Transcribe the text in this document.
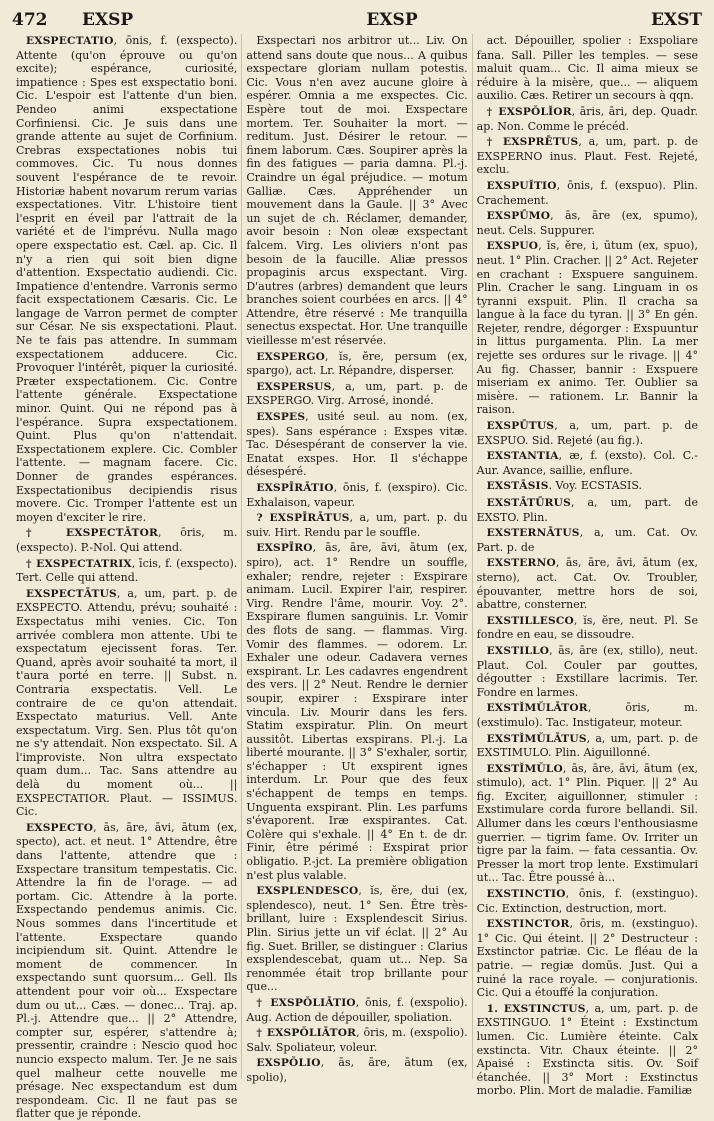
472	EXSP	EXSP	EXST

EXSPECTATIO, ōnis, f. (exspecto). Attente (qu'on éprouve ou qu'on excite); espérance, curiosité, impatience : Spes est exspectatio boni. Cic. L'espoir est l'attente d'un bien. Pendeo animi exspectatione Corfiniensi. Cic. Je suis dans une grande attente au sujet de Corfinium. Crebras exspectationes nobis tui commoves. Cic. Tu nous donnes souvent l'espérance de te revoir. Historiæ habent novarum rerum varias exspectationes. Vitr. L'histoire tient l'esprit en éveil par l'attrait de la variété et de l'imprévu. Nulla mago opere exspectatio est. Cæl. ap. Cic. Il n'y a rien qui soit bien digne d'attention. Exspectatio audiendi. Cic. Impatience d'entendre. Varronis sermo facit exspectationem Cæsaris. Cic. Le langage de Varron permet de compter sur César. Ne sis exspectationi. Plaut. Ne te fais pas attendre. In summam exspectationem adducere. Cic. Provoquer l'intérêt, piquer la curiosité. Præter exspectationem. Cic. Contre l'attente générale. Exspectatione minor. Quint. Qui ne répond pas à l'espérance. Supra exspectationem. Quint. Plus qu'on n'attendait. Exspectationem explere. Cic. Combler l'attente. — magnam facere. Cic. Donner de grandes espérances. Exspectationibus decipiendis risus movere. Cic. Tromper l'attente est un moyen d'exciter le rire.

† EXSPECTĀTOR, ōris, m. (exspecto). P.-Nol. Qui attend.

† EXSPECTATRIX, īcis, f. (exspecto). Tert. Celle qui attend.

EXSPECTĀTUS, a, um, part. p. de EXSPECTO. Attendu, prévu; souhaité : Exspectatus mihi venies. Cic. Ton arrivée comblera mon attente. Ubi te exspectatum ejecissent foras. Ter. Quand, après avoir souhaité ta mort, il t'aura porté en terre. || Subst. n. Contraria exspectatis. Vell. Le contraire de ce qu'on attendait. Exspectato maturius. Vell. Ante exspectatum. Virg. Sen. Plus tôt qu'on ne s'y attendait. Non exspectato. Sil. A l'improviste. Non ultra exspectato quam dum... Tac. Sans attendre au delà du moment où... || EXSPECTATIOR. Plaut. — ISSIMUS. Cic.

EXSPECTO, ās, āre, āvi, ātum (ex, specto), act. et neut. 1° Attendre, être dans l'attente, attendre que : Exspectare transitum tempestatis. Cic. Attendre la fin de l'orage. — ad portam. Cic. Attendre à la porte. Exspectando pendemus animis. Cic. Nous sommes dans l'incertitude et l'attente. Exspectare quando incipiendum sit. Quint. Attendre le moment de commencer. In exspectando sunt quorsum... Gell. Ils attendent pour voir où... Exspectare dum ou ut... Cæs. — donec... Traj. ap. Pl.-j. Attendre que... || 2° Attendre, compter sur, espérer, s'attendre à; pressentir, craindre : Nescio quod hoc nuncio exspecto malum. Ter. Je ne sais quel malheur cette nouvelle me présage. Nec exspectandum est dum respondeam. Cic. Il ne faut pas se flatter que je réponde.

Exspectari nos arbitror ut... Liv. On attend sans doute que nous... A quibus exspectare gloriam nullam potestis. Cic. Vous n'en avez aucune gloire à espérer. Omnia a me exspectes. Cic. Espère tout de moi. Exspectare mortem. Ter. Souhaiter la mort. — reditum. Just. Désirer le retour. — finem laborum. Cæs. Soupirer après la fin des fatigues — paria damna. Pl.-j. Craindre un égal préjudice. — motum Galliæ. Cæs. Appréhender un mouvement dans la Gaule. || 3° Avec un sujet de ch. Réclamer, demander, avoir besoin : Non oleæ exspectant falcem. Virg. Les oliviers n'ont pas besoin de la faucille. Aliæ pressos propaginis arcus exspectant. Virg. D'autres (arbres) demandent que leurs branches soient courbées en arcs. || 4° Attendre, être réservé : Me tranquilla senectus exspectat. Hor. Une tranquille vieillesse m'est réservée.

EXSPERGO, ĭs, ĕre, persum (ex, spargo), act. Lr. Répandre, disperser.

EXSPERSUS, a, um, part. p. de EXSPERGO. Virg. Arrosé, inondé.

EXSPES, usité seul. au nom. (ex, spes). Sans espérance : Exspes vitæ. Tac. Désespérant de conserver la vie. Enatat exspes. Hor. Il s'échappe désespéré.

EXSPĪRĀTIO, ōnis, f. (exspiro). Cic. Exhalaison, vapeur.

? EXSPĪRĀTUS, a, um, part. p. du suiv. Hirt. Rendu par le souffle.

EXSPĪRO, ās, āre, āvi, ātum (ex, spiro), act. 1° Rendre un souffle, exhaler; rendre, rejeter : Exspirare animam. Lucil. Expirer l'air, respirer. Virg. Rendre l'âme, mourir. Voy. 2°. Exspirare flumen sanguinis. Lr. Vomir des flots de sang. — flammas. Virg. Vomir des flammes. — odorem. Lr. Exhaler une odeur. Cadavera vernes exspirant. Lr. Les cadavres engendrent des vers. || 2° Neut. Rendre le dernier soupir, expirer : Exspirare inter vincula. Liv. Mourir dans les fers. Statim exspiratur. Plin. On meurt aussitôt. Libertas exspirans. Pl.-j. La liberté mourante. || 3° S'exhaler, sortir, s'échapper : Ut exspirent ignes interdum. Lr. Pour que des feux s'échappent de temps en temps. Unguenta exspirant. Plin. Les parfums s'évaporent. Iræ exspirantes. Cat. Colère qui s'exhale. || 4° En t. de dr. Finir, être périmé : Exspirat prior obligatio. P.-jct. La première obligation n'est plus valable.

EXSPLENDESCO, ĭs, ĕre, dui (ex, splendesco), neut. 1° Sen. Être très-brillant, luire : Exsplendescit Sirius. Plin. Sirius jette un vif éclat. || 2° Au fig. Suet. Briller, se distinguer : Clarius exsplendescebat, quam ut... Nep. Sa renommée était trop brillante pour que...

† EXSPŎLIĀTIO, ōnis, f. (exspolio). Aug. Action de dépouiller, spoliation.

† EXSPŎLIĀTOR, ōris, m. (exspolio). Salv. Spoliateur, voleur.

EXSPŎLIO, ās, āre, ātum (ex, spolio),

act. Dépouiller, spolier : Exspoliare fana. Sall. Piller les temples. — sese maluit quam... Cic. Il aima mieux se réduire à la misère, que... — aliquem auxilio. Cæs. Retirer un secours à qqn.

† EXSPŎLĬOR, āris, āri, dep. Quadr. ap. Non. Comme le précéd.

† EXSPRĒTUS, a, um, part. p. de EXSPERNO inus. Plaut. Fest. Rejeté, exclu.

EXSPUĬTIO, ōnis, f. (exspuo). Plin. Crachement.

EXSPŪMO, ās, āre (ex, spumo), neut. Cels. Suppurer.

EXSPUO, ĭs, ĕre, i, ūtum (ex, spuo), neut. 1° Plin. Cracher. || 2° Act. Rejeter en crachant : Exspuere sanguinem. Plin. Cracher le sang. Linguam in os tyranni exspuit. Plin. Il cracha sa langue à la face du tyran. || 3° En gén. Rejeter, rendre, dégorger : Exspuuntur in littus purgamenta. Plin. La mer rejette ses ordures sur le rivage. || 4° Au fig. Chasser, bannir : Exspuere miseriam ex animo. Ter. Oublier sa misère. — rationem. Lr. Bannir la raison.

EXSPŪTUS, a, um, part. p. de EXSPUO. Sid. Rejeté (au fig.).

EXSTANTIA, æ, f. (exsto). Col. C.-Aur. Avance, saillie, enflure.

EXSTĀSIS. Voy. ECSTASIS.

EXSTĀTŪRUS, a, um, part. de EXSTO. Plin.

EXSTERNĀTUS, a, um. Cat. Ov. Part. p. de

EXSTERNO, ās, āre, āvi, ātum (ex, sterno), act. Cat. Ov. Troubler, épouvanter, mettre hors de soi, abattre, consterner.

EXSTILLESCO, ĭs, ĕre, neut. Pl. Se fondre en eau, se dissoudre.

EXSTILLO, ās, āre (ex, stillo), neut. Plaut. Col. Couler par gouttes, dégoutter : Exstillare lacrimis. Ter. Fondre en larmes.

EXSTĬMŬLĀTOR, ōris, m. (exstimulo). Tac. Instigateur, moteur.

EXSTĬMŬLĀTUS, a, um, part. p. de EXSTIMULO. Plin. Aiguillonné.

EXSTĬMŬLO, ās, āre, āvi, ātum (ex, stimulo), act. 1° Plin. Piquer. || 2° Au fig. Exciter, aiguillonner, stimuler : Exstimulare corda furore bellandi. Sil. Allumer dans les cœurs l'enthousiasme guerrier. — tigrim fame. Ov. Irriter un tigre par la faim. — fata cessantia. Ov. Presser la mort trop lente. Exstimulari ut... Tac. Être poussé à...

EXSTINCTIO, ōnis, f. (exstinguo). Cic. Extinction, destruction, mort.

EXSTINCTOR, ōris, m. (exstinguo). 1° Cic. Qui éteint. || 2° Destructeur : Exstinctor patriæ. Cic. Le fléau de la patrie. — regiæ domūs. Just. Qui a ruiné la race royale. — conjurationis. Cic. Qui a étouffé la conjuration.

1. EXSTINCTUS, a, um, part. p. de EXSTINGUO. 1° Éteint : Exstinctum lumen. Cic. Lumière éteinte. Calx exstincta. Vitr. Chaux éteinte. || 2° Apaisé : Exstincta sitis. Ov. Soif étanchée. || 3° Mort : Exstinctus morbo. Plin. Mort de maladie. Familiæ
